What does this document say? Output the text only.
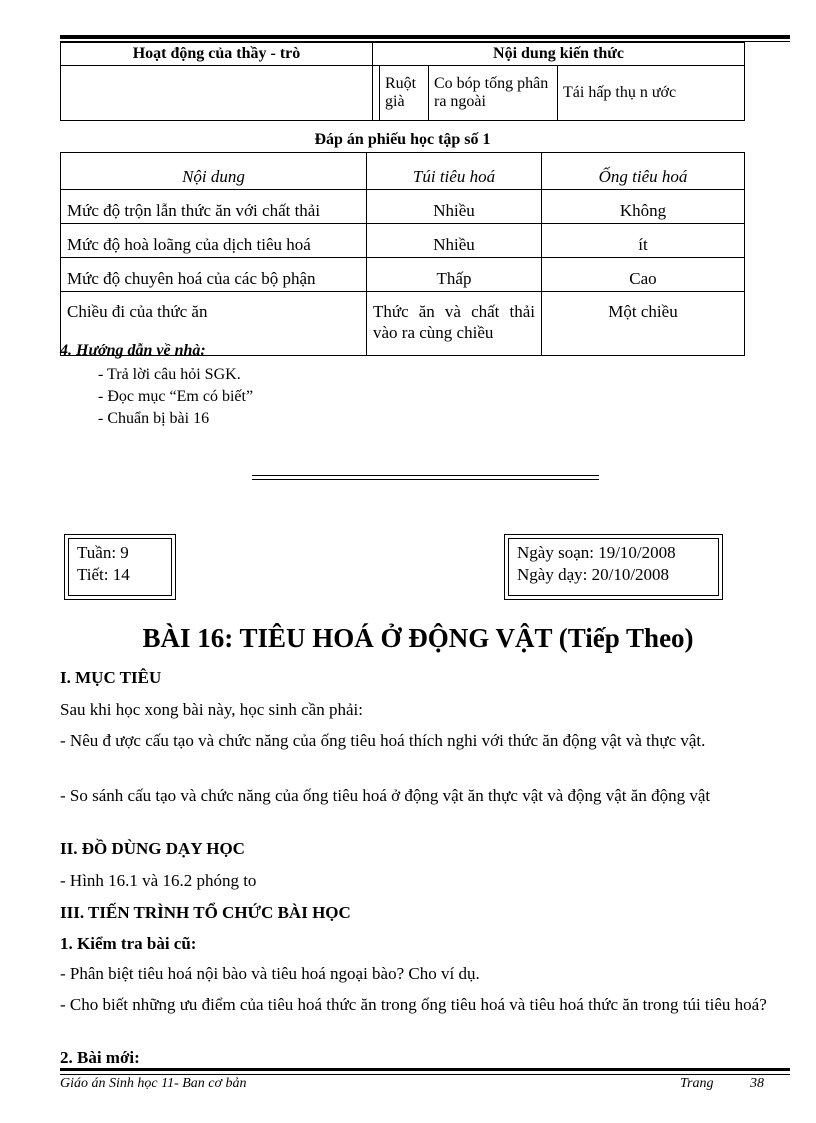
Hoạt động của thầy - trò	Nội dung kiến thức

Ruột già	Co bóp tống phân ra ngoài	Tái hấp thụ n ước
Đáp án phiếu học tập số 1
Nội dung	Túi tiêu hoá	Ống tiêu hoá
Mức độ trộn lẫn thức ăn với chất thải	Nhiều	Không
Mức độ hoà loãng của dịch tiêu hoá	Nhiều	ít
Mức độ chuyên hoá của các bộ phận	Thấp	Cao
Chiều đi của thức ăn	Thức ăn và chất thải vào ra cùng chiều	Một chiều
4. Hướng dẫn về nhà:
- Trả lời câu hỏi SGK.
- Đọc mục “Em có biết”
- Chuẩn bị bài 16
Tuần: 9
Tiết: 14
Ngày soạn: 19/10/2008
Ngày dạy: 20/10/2008
BÀI 16: TIÊU HOÁ Ở ĐỘNG VẬT (Tiếp Theo)
I. MỤC TIÊU
Sau khi học xong bài này, học sinh cần phải:
- Nêu đ ược cấu tạo và chức năng của ống tiêu hoá thích nghi với thức ăn động vật và thực vật.
- So sánh cấu tạo và chức năng của ống tiêu hoá ở động vật ăn thực vật và động vật ăn động vật
II. ĐỒ DÙNG DẠY HỌC
- Hình 16.1 và 16.2 phóng to
III. TIẾN TRÌNH TỔ CHỨC BÀI HỌC
1. Kiểm tra bài cũ:
- Phân biệt tiêu hoá nội bào và tiêu hoá ngoại bào? Cho ví dụ.
- Cho biết những ưu điểm của tiêu hoá thức ăn trong ống tiêu hoá và tiêu hoá thức ăn trong túi tiêu hoá?
2. Bài mới:
Giáo án Sinh học 11- Ban cơ bản	Trang	38
